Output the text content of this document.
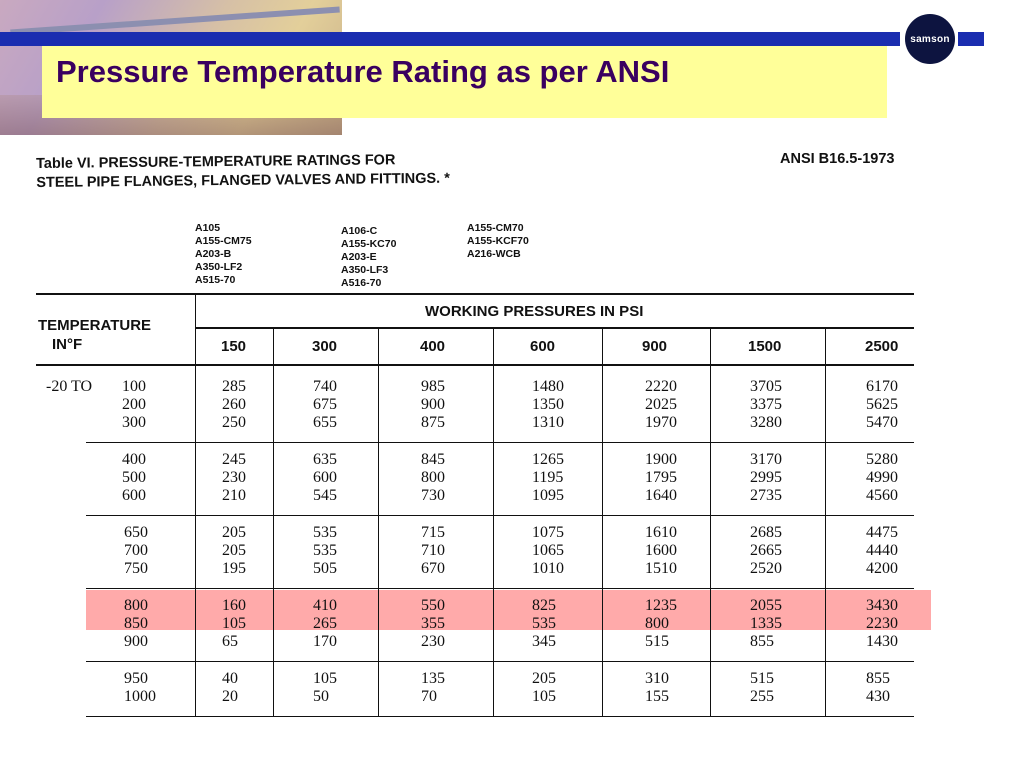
samson
Pressure Temperature Rating as per ANSI
Table VI. PRESSURE-TEMPERATURE RATINGS FOR
STEEL PIPE FLANGES, FLANGED VALVES AND FITTINGS. *
ANSI B16.5-1973
A105
A155-CM75
A203-B
A350-LF2
A515-70
A106-C
A155-KC70
A203-E
A350-LF3
A516-70
A155-CM70
A155-KCF70
A216-WCB
TEMPERATURE
IN°F
WORKING PRESSURES IN PSI
150	300	400	600	900	1500	2500
-20 TO 100	285	740	985	1480	2220	3705	6170
200	260	675	900	1350	2025	3375	5625
300	250	655	875	1310	1970	3280	5470
400	245	635	845	1265	1900	3170	5280
500	230	600	800	1195	1795	2995	4990
600	210	545	730	1095	1640	2735	4560
650	205	535	715	1075	1610	2685	4475
700	205	535	710	1065	1600	2665	4440
750	195	505	670	1010	1510	2520	4200
800	160	410	550	825	1235	2055	3430
850	105	265	355	535	800	1335	2230
900	65	170	230	345	515	855	1430
950	40	105	135	205	310	515	855
1000	20	50	70	105	155	255	430
